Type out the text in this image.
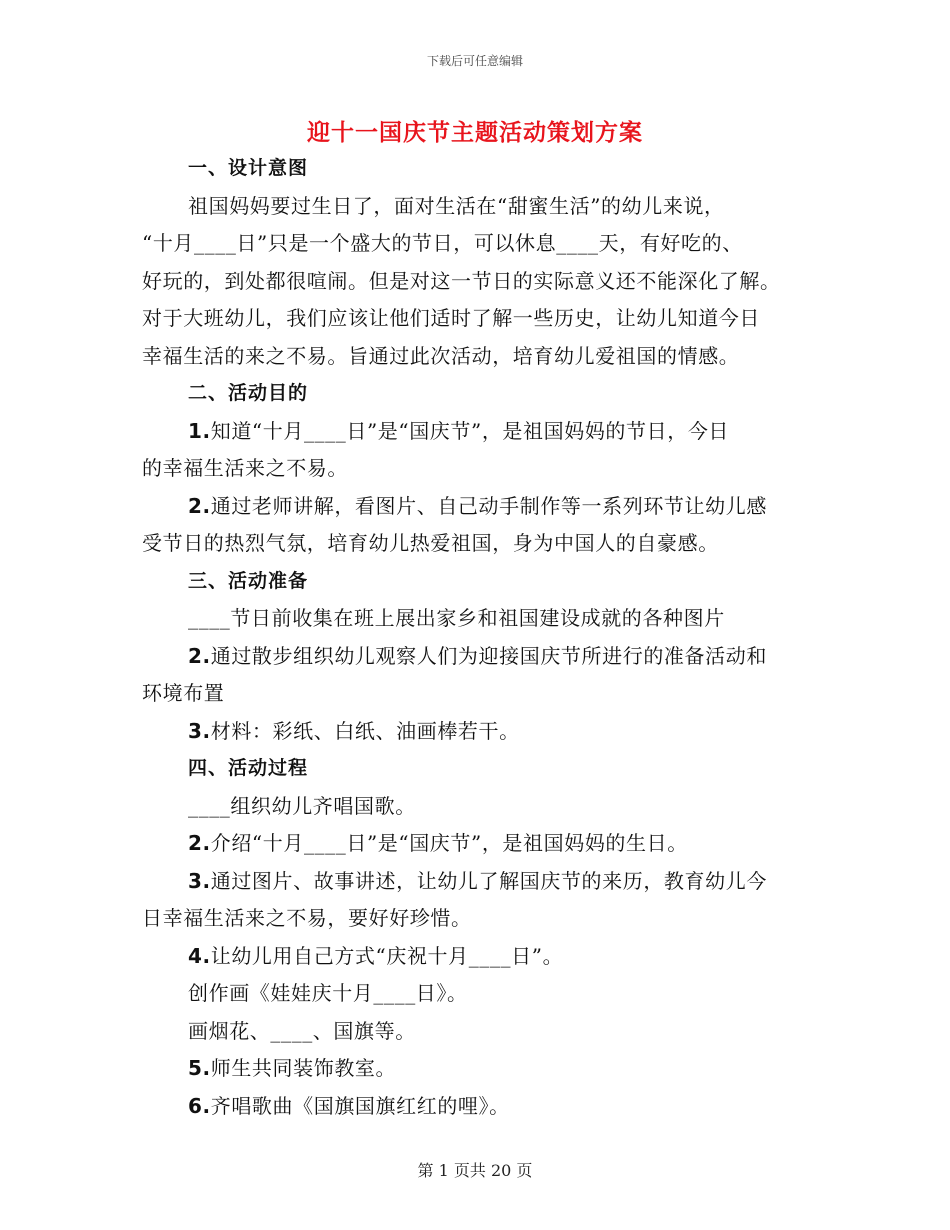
下载后可任意编辑
迎十一国庆节主题活动策划方案
一、设计意图
祖国妈妈要过生日了，面对生活在“甜蜜生活”的幼儿来说，
“十月____日”只是一个盛大的节日，可以休息____天，有好吃的、
好玩的，到处都很喧闹。但是对这一节日的实际意义还不能深化了解。
对于大班幼儿，我们应该让他们适时了解一些历史，让幼儿知道今日
幸福生活的来之不易。旨通过此次活动，培育幼儿爱祖国的情感。
二、活动目的
1.知道“十月____日”是“国庆节”，是祖国妈妈的节日，今日
的幸福生活来之不易。
2.通过老师讲解，看图片、自己动手制作等一系列环节让幼儿感
受节日的热烈气氛，培育幼儿热爱祖国，身为中国人的自豪感。
三、活动准备
____节日前收集在班上展出家乡和祖国建设成就的各种图片
2.通过散步组织幼儿观察人们为迎接国庆节所进行的准备活动和
环境布置
3.材料：彩纸、白纸、油画棒若干。
四、活动过程
____组织幼儿齐唱国歌。
2.介绍“十月____日”是“国庆节”，是祖国妈妈的生日。
3.通过图片、故事讲述，让幼儿了解国庆节的来历，教育幼儿今
日幸福生活来之不易，要好好珍惜。
4.让幼儿用自己方式“庆祝十月____日”。
创作画《娃娃庆十月____日》。
画烟花、____、国旗等。
5.师生共同装饰教室。
6.齐唱歌曲《国旗国旗红红的哩》。
第 1 页共 20 页
